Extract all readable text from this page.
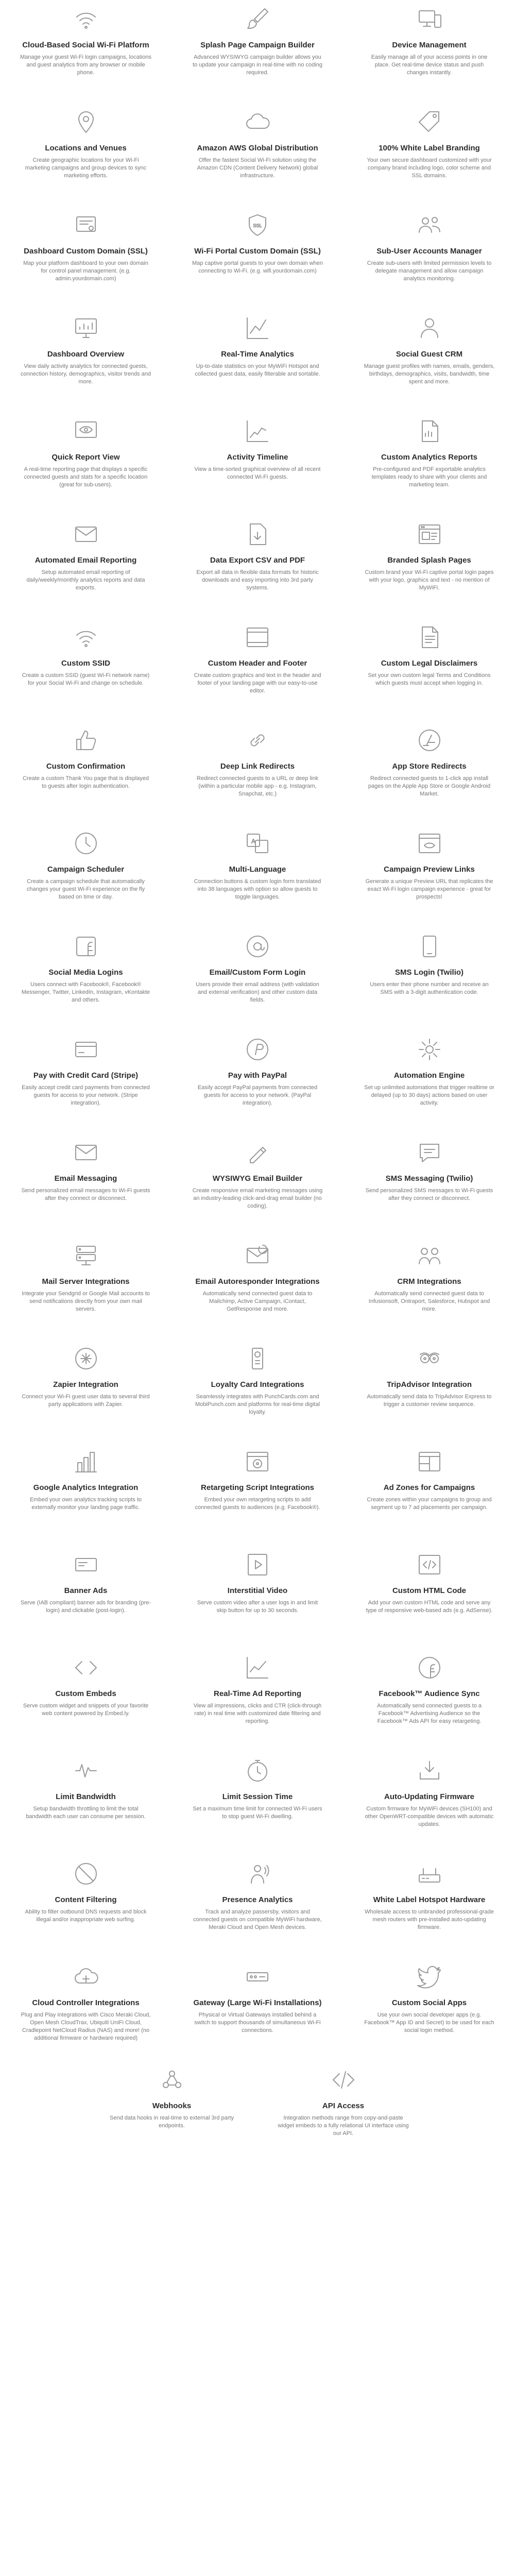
Cloud-Based Social Wi-Fi Platform
Manage your guest Wi-Fi login campaigns, locations and guest analytics from any browser or mobile phone.
Splash Page Campaign Builder
Advanced WYSIWYG campaign builder allows you to update your campaign in real-time with no coding required.
Device Management
Easily manage all of your access points in one place. Get real-time device status and push changes instantly.
Locations and Venues
Create geographic locations for your Wi-Fi marketing campaigns and group devices to sync marketing efforts.
Amazon AWS Global Distribution
Offer the fastest Social Wi-Fi solution using the Amazon CDN (Content Delivery Network) global infrastructure.
100% White Label Branding
Your own secure dashboard customized with your company brand including logo, color scheme and SSL domains.
Dashboard Custom Domain (SSL)
Map your platform dashboard to your own domain for control panel management. (e.g. admin.yourdomain.com)
SSL
Wi-Fi Portal Custom Domain (SSL)
Map captive portal guests to your own domain when connecting to Wi-Fi. (e.g. wifi.yourdomain.com)
Sub-User Accounts Manager
Create sub-users with limited permission levels to delegate management and allow campaign analytics monitoring.
Dashboard Overview
View daily activity analytics for connected guests, connection history, demographics, visitor trends and more.
Real-Time Analytics
Up-to-date statistics on your MyWiFi Hotspot and collected guest data, easily filterable and sortable.
Social Guest CRM
Manage guest profiles with names, emails, genders, birthdays, demographics, visits, bandwidth, time spent and more.
Quick Report View
A real-time reporting page that displays a specific connected guests and stats for a specific location (great for sub-users).
Activity Timeline
View a time-sorted graphical overview of all recent connected Wi-Fi guests.
Custom Analytics Reports
Pre-configured and PDF exportable analytics templates ready to share with your clients and marketing team.
Automated Email Reporting
Setup automated email reporting of daily/weekly/monthly analytics reports and data exports.
Data Export CSV and PDF
Export all data in flexible data formats for historic downloads and easy importing into 3rd party systems.
Branded Splash Pages
Custom brand your Wi-Fi captive portal login pages with your logo, graphics and text - no mention of MyWiFi.
Custom SSID
Create a custom SSID (guest Wi-Fi network name) for your Social Wi-Fi and change on schedule.
Custom Header and Footer
Create custom graphics and text in the header and footer of your landing page with our easy-to-use editor.
Custom Legal Disclaimers
Set your own custom legal Terms and Conditions which guests must accept when logging in.
Custom Confirmation
Create a custom Thank You page that is displayed to guests after login authentication.
Deep Link Redirects
Redirect connected guests to a URL or deep link (within a particular mobile app - e.g. Instagram, Snapchat, etc.)
App Store Redirects
Redirect connected guests to 1-click app install pages on the Apple App Store or Google Android Market.
Campaign Scheduler
Create a campaign schedule that automatically changes your guest Wi-Fi experience on the fly based on time or day.
A
Multi-Language
Connection buttons & custom login form translated into 38 languages with option so allow guests to toggle languages.
Campaign Preview Links
Generate a unique Preview URL that replicates the exact Wi-Fi login campaign experience - great for prospects!
Social Media Logins
Users connect with Facebook®, Facebook® Messenger, Twitter, LinkedIn, Instagram, vKontakte and others.
Email/Custom Form Login
Users provide their email address (with validation and external verification) and other custom data fields.
SMS Login (Twilio)
Users enter their phone number and receive an SMS with a 3-digit authentication code.
Pay with Credit Card (Stripe)
Easily accept credit card payments from connected guests for access to your network. (Stripe integration).
Pay with PayPal
Easily accept PayPal payments from connected guests for access to your network. (PayPal integration).
Automation Engine
Set up unlimited automations that trigger realtime or delayed (up to 30 days) actions based on user activity.
Email Messaging
Send personalized email messages to Wi-Fi guests after they connect or disconnect.
WYSIWYG Email Builder
Create responsive email marketing messages using an industry-leading click-and-drag email builder (no coding).
SMS Messaging (Twilio)
Send personalized SMS messages to Wi-Fi guests after they connect or disconnect.
Mail Server Integrations
Integrate your Sendgrid or Google Mail accounts to send notifications directly from your own mail servers.
Email Autoresponder Integrations
Automatically send connected guest data to Mailchimp, Active Campaign, iContact, GetResponse and more.
CRM Integrations
Automatically send connected guest data to Infusionsoft, Ontraport, Salesforce, Hubspot and more.
Zapier Integration
Connect your Wi-Fi guest user data to several third party applications with Zapier.
Loyalty Card Integrations
Seamlessly integrates with PunchCards.com and MobiPunch.com and platforms for real-time digital loyalty.
TripAdvisor Integration
Automatically send data to TripAdvisor Express to trigger a customer review sequence.
Google Analytics Integration
Embed your own analytics tracking scripts to externally monitor your landing page traffic.
Retargeting Script Integrations
Embed your own retargeting scripts to add connected guests to audiences (e.g. Facebook®).
Ad Zones for Campaigns
Create zones within your campaigns to group and segment up to 7 ad placements per campaign.
Banner Ads
Serve (IAB compliant) banner ads for branding (pre-login) and clickable (post-login).
Interstitial Video
Serve custom video after a user logs in and limit skip button for up to 30 seconds.
Custom HTML Code
Add your own custom HTML code and serve any type of responsive web-based ads (e.g. AdSense).
Custom Embeds
Serve custom widget and snippets of your favorite web content powered by Embed.ly.
Real-Time Ad Reporting
View all impressions, clicks and CTR (click-through rate) in real time with customized date filtering and reporting.
Facebook™ Audience Sync
Automatically send connected guests to a Facebook™ Advertising Audience so the Facebook™ Ads API for easy retargeting.
Limit Bandwidth
Setup bandwidth throttling to limit the total bandwidth each user can consume per session.
Limit Session Time
Set a maximum time limit for connected Wi-Fi users to stop guest Wi-Fi dwelling.
Auto-Updating Firmware
Custom firmware for MyWiFi devices (SH100) and other OpenWRT-compatible devices with automatic updates.
Content Filtering
Ability to filter outbound DNS requests and block illegal and/or inappropriate web surfing.
Presence Analytics
Track and analyze passersby, visitors and connected guests on compatible MyWiFi hardware, Meraki Cloud and Open Mesh devices.
White Label Hotspot Hardware
Wholesale access to unbranded professional-grade mesh routers with pre-installed auto-updating firmware.
Cloud Controller Integrations
Plug and Play integrations with Cisco Meraki Cloud, Open Mesh CloudTrax, Ubiquiti UniFi Cloud, Cradlepoint NetCloud Radius (NAS) and more! (no additional firmware or hardware required)
Gateway (Large Wi-Fi Installations)
Physical or Virtual Gateways installed behind a switch to support thousands of simultaneous Wi-Fi connections.
Custom Social Apps
Use your own social developer apps (e.g. Facebook™ App ID and Secret) to be used for each social login method.
Webhooks
Send data hooks in real-time to external 3rd party endpoints.
API Access
Integration methods range from copy-and-paste widget embeds to a fully relational UI interface using our API.
